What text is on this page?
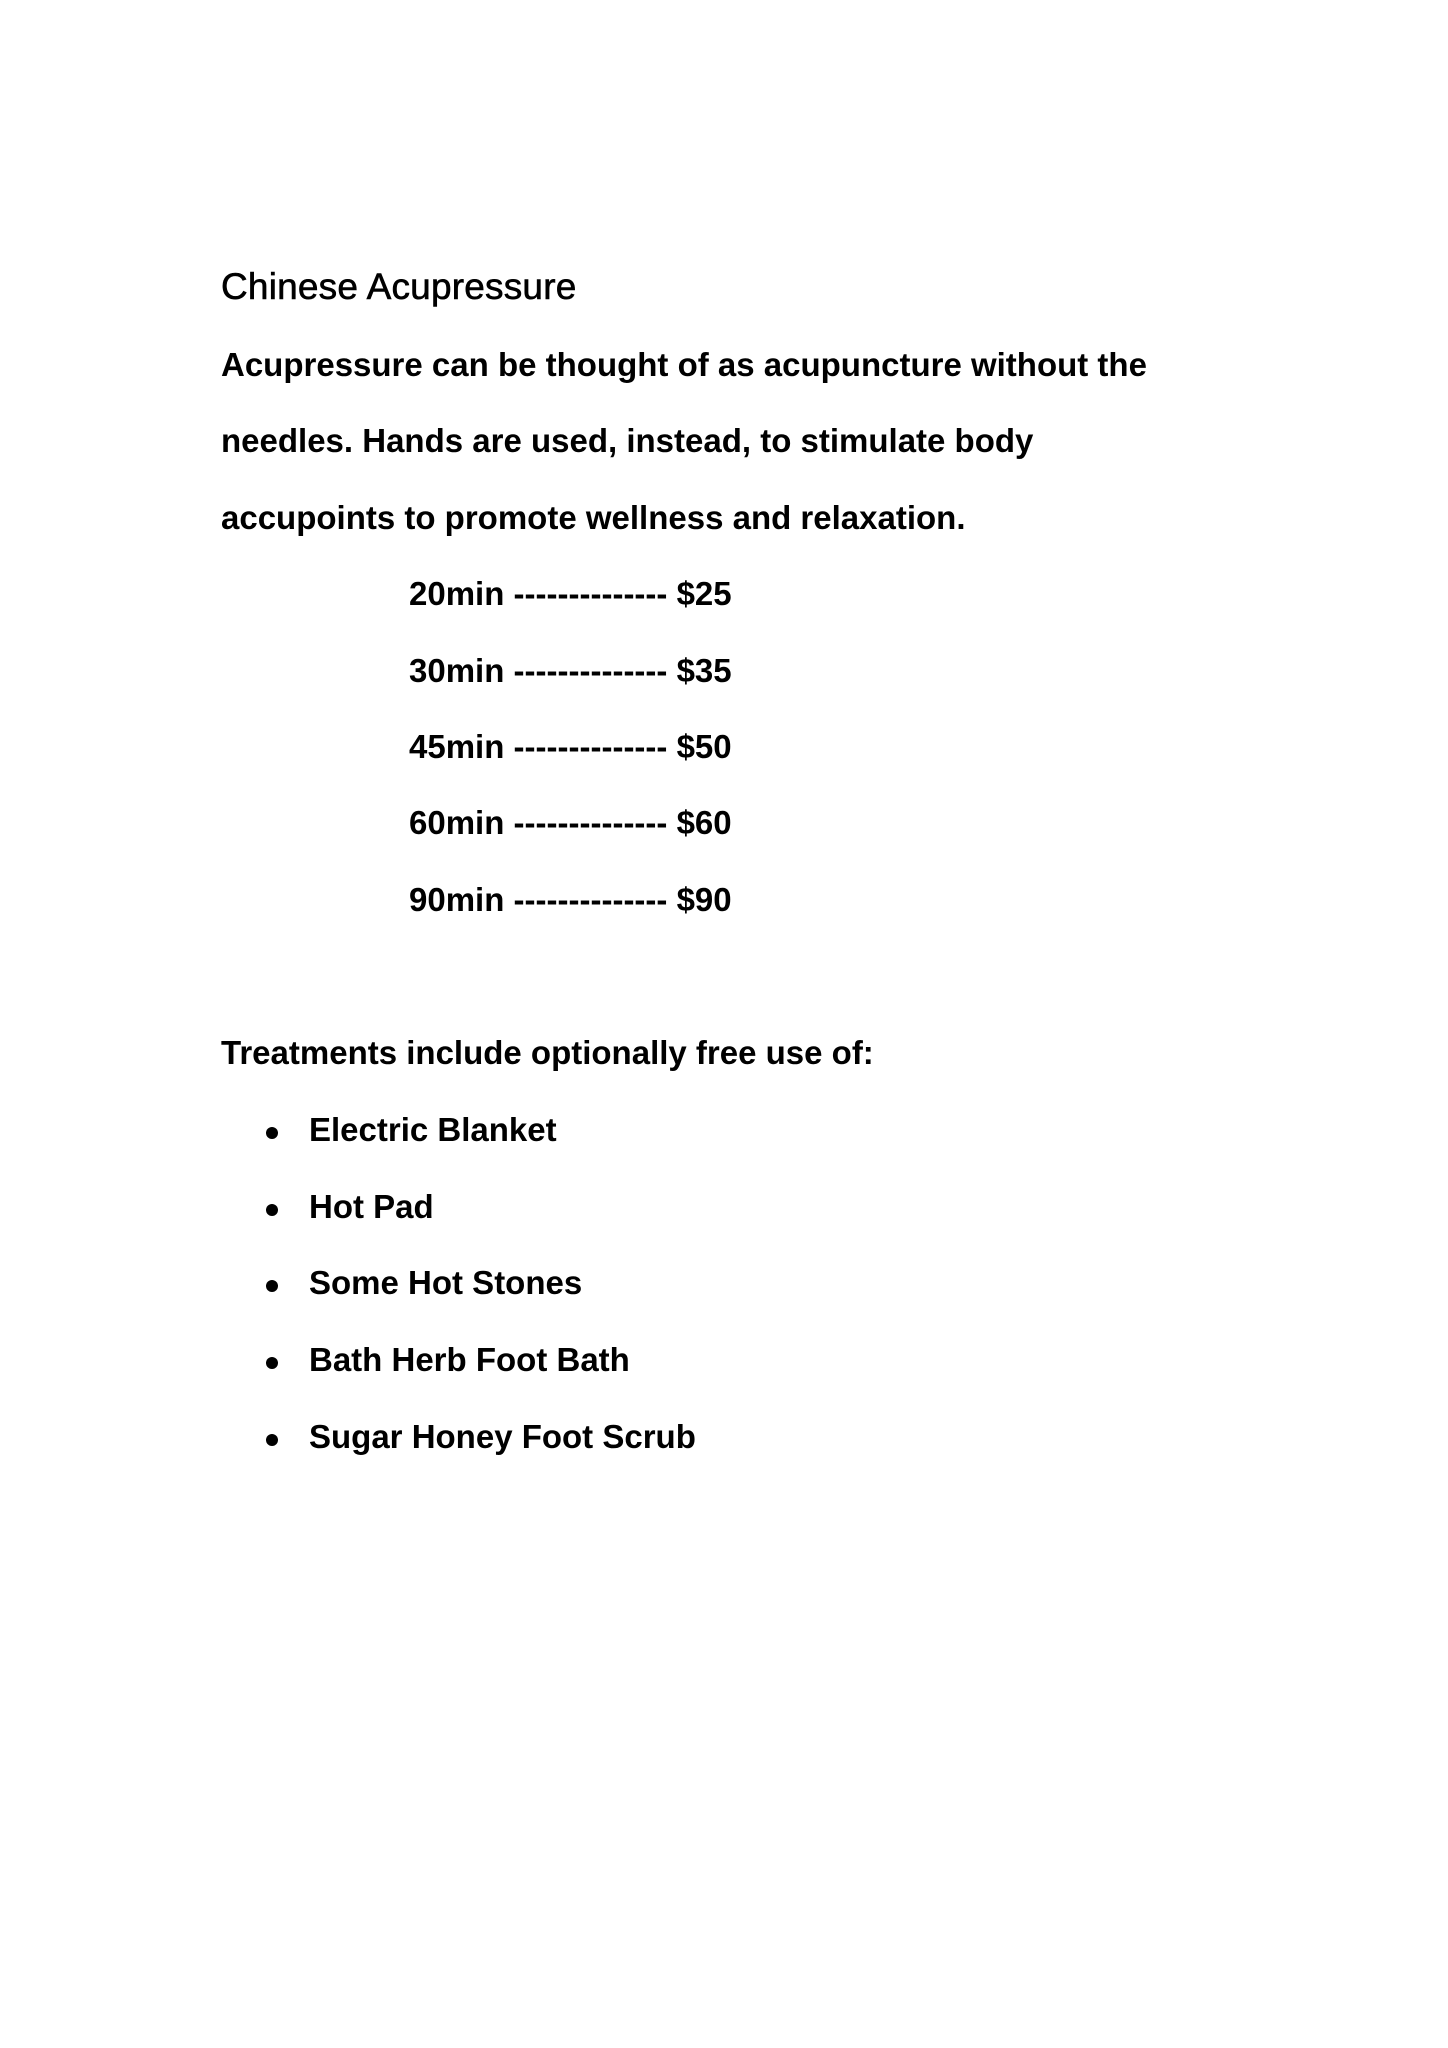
Chinese Acupressure
Acupressure can be thought of as acupuncture without the
needles. Hands are used, instead, to stimulate body
accupoints to promote wellness and relaxation.
20min -------------- $25
30min -------------- $35
45min -------------- $50
60min -------------- $60
90min -------------- $90
Treatments include optionally free use of:
Electric Blanket
Hot Pad
Some Hot Stones
Bath Herb Foot Bath
Sugar Honey Foot Scrub
